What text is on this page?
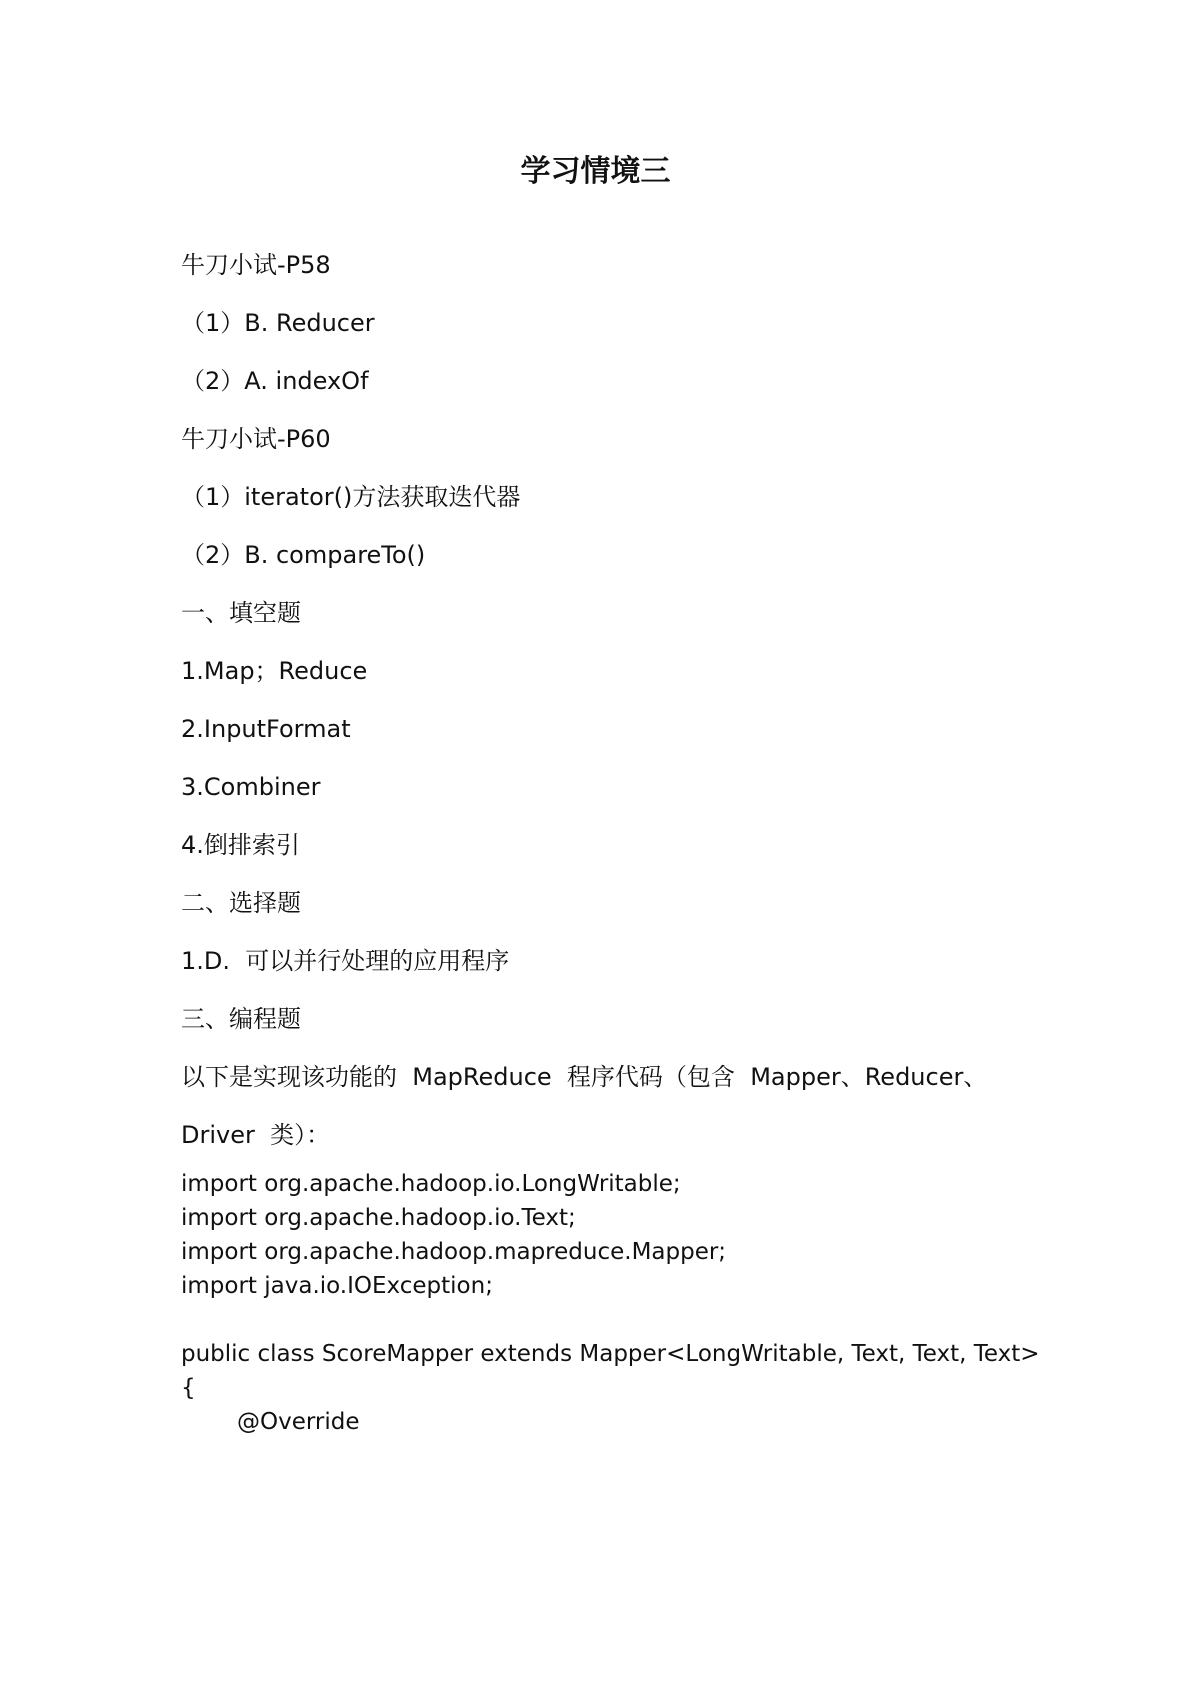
学习情境三

牛刀小试-P58

（1）B. Reducer

（2）A. indexOf

牛刀小试-P60

（1）iterator()方法获取迭代器

（2）B. compareTo()

一、填空题

1.Map；Reduce

2.InputFormat

3.Combiner

4.倒排索引

二、选择题

1.D.  可以并行处理的应用程序

三、编程题

以下是实现该功能的  MapReduce  程序代码（包含  Mapper、Reducer、

Driver  类）：

import org.apache.hadoop.io.LongWritable;

import org.apache.hadoop.io.Text;

import org.apache.hadoop.mapreduce.Mapper;

import java.io.IOException;

public class ScoreMapper extends Mapper<LongWritable, Text, Text, Text>

{

@Override
